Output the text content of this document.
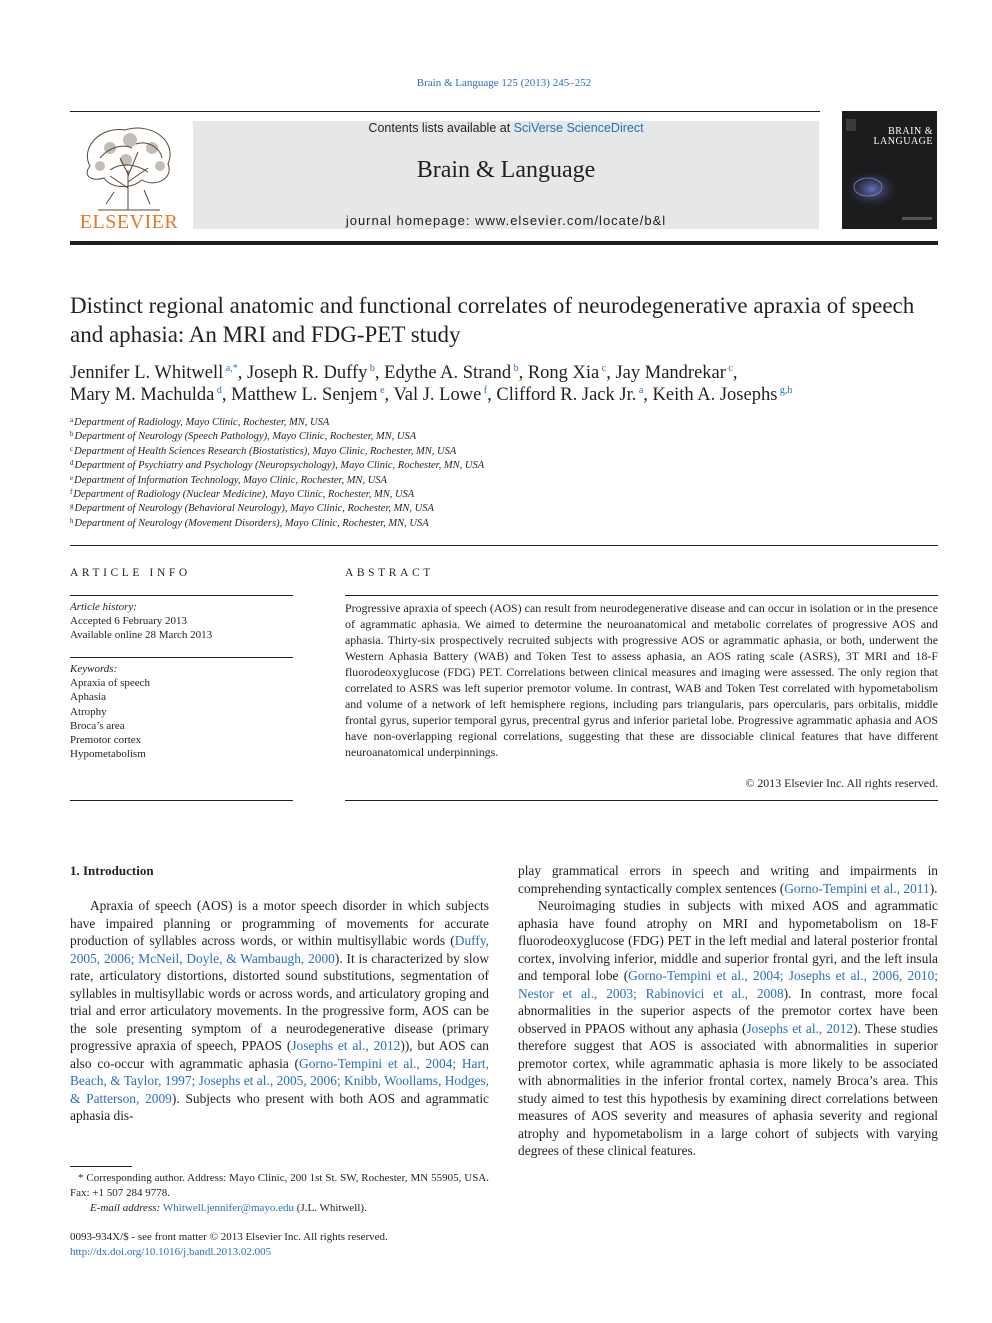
Brain & Language 125 (2013) 245–252
ELSEVIER
Contents lists available at SciVerse ScienceDirect
Brain & Language
journal homepage: www.elsevier.com/locate/b&l
BRAIN &
LANGUAGE
Distinct regional anatomic and functional correlates of neurodegenerative apraxia of speech and aphasia: An MRI and FDG-PET study
Jennifer L. Whitwell $^{a,*}$, Joseph R. Duffy $^b$, Edythe A. Strand $^b$, Rong Xia $^c$, Jay Mandrekar $^c$,
Mary M. Machulda $^d$, Matthew L. Senjem $^e$, Val J. Lowe $^f$, Clifford R. Jack Jr. $^a$, Keith A. Josephs $^{g,h}$
$^a$Department of Radiology, Mayo Clinic, Rochester, MN, USA
$^b$Department of Neurology (Speech Pathology), Mayo Clinic, Rochester, MN, USA
$^c$Department of Health Sciences Research (Biostatistics), Mayo Clinic, Rochester, MN, USA
$^d$Department of Psychiatry and Psychology (Neuropsychology), Mayo Clinic, Rochester, MN, USA
$^e$Department of Information Technology, Mayo Clinic, Rochester, MN, USA
$^f$Department of Radiology (Nuclear Medicine), Mayo Clinic, Rochester, MN, USA
$^g$Department of Neurology (Behavioral Neurology), Mayo Clinic, Rochester, MN, USA
$^h$Department of Neurology (Movement Disorders), Mayo Clinic, Rochester, MN, USA
ARTICLE INFO	ABSTRACT
Article history:
Accepted 6 February 2013
Available online 28 March 2013
Keywords:
Apraxia of speech
Aphasia
Atrophy
Broca’s area
Premotor cortex
Hypometabolism
Progressive apraxia of speech (AOS) can result from neurodegenerative disease and can occur in isolation or in the presence of agrammatic aphasia. We aimed to determine the neuroanatomical and metabolic correlates of progressive AOS and aphasia. Thirty-six prospectively recruited subjects with progressive AOS or agrammatic aphasia, or both, underwent the Western Aphasia Battery (WAB) and Token Test to assess aphasia, an AOS rating scale (ASRS), 3T MRI and 18-F fluorodeoxyglucose (FDG) PET. Correlations between clinical measures and imaging were assessed. The only region that correlated to ASRS was left superior premotor volume. In contrast, WAB and Token Test correlated with hypometabolism and volume of a network of left hemisphere regions, including pars triangularis, pars opercularis, pars orbitalis, middle frontal gyrus, superior temporal gyrus, precentral gyrus and inferior parietal lobe. Progressive agrammatic aphasia and AOS have non-overlapping regional correlations, suggesting that these are dissociable clinical features that have different neuroanatomical underpinnings.
© 2013 Elsevier Inc. All rights reserved.
1. Introduction

Apraxia of speech (AOS) is a motor speech disorder in which subjects have impaired planning or programming of movements for accurate production of syllables across words, or within multisyllabic words (Duffy, 2005, 2006; McNeil, Doyle, & Wambaugh, 2000). It is characterized by slow rate, articulatory distortions, distorted sound substitutions, segmentation of syllables in multisyllabic words or across words, and articulatory groping and trial and error articulatory movements. In the progressive form, AOS can be the sole presenting symptom of a neurodegenerative disease (primary progressive apraxia of speech, PPAOS (Josephs et al., 2012)), but AOS can also co-occur with agrammatic aphasia (Gorno-Tempini et al., 2004; Hart, Beach, & Taylor, 1997; Josephs et al., 2005, 2006; Knibb, Woollams, Hodges, & Patterson, 2009). Subjects who present with both AOS and agrammatic aphasia dis-

play grammatical errors in speech and writing and impairments in comprehending syntactically complex sentences (Gorno-Tempini et al., 2011).

Neuroimaging studies in subjects with mixed AOS and agrammatic aphasia have found atrophy on MRI and hypometabolism on 18-F fluorodeoxyglucose (FDG) PET in the left medial and lateral posterior frontal cortex, involving inferior, middle and superior frontal gyri, and the left insula and temporal lobe (Gorno-Tempini et al., 2004; Josephs et al., 2006, 2010; Nestor et al., 2003; Rabinovici et al., 2008). In contrast, more focal abnormalities in the superior aspects of the premotor cortex have been observed in PPAOS without any aphasia (Josephs et al., 2012). These studies therefore suggest that AOS is associated with abnormalities in superior premotor cortex, while agrammatic aphasia is more likely to be associated with abnormalities in the inferior frontal cortex, namely Broca’s area. This study aimed to test this hypothesis by examining direct correlations between measures of AOS severity and measures of aphasia severity and regional atrophy and hypometabolism in a large cohort of subjects with varying degrees of these clinical features.

* Corresponding author. Address: Mayo Clinic, 200 1st St. SW, Rochester, MN 55905, USA. Fax: +1 507 284 9778.
E-mail address: Whitwell.jennifer@mayo.edu (J.L. Whitwell).
0093-934X/$ - see front matter © 2013 Elsevier Inc. All rights reserved.
http://dx.doi.org/10.1016/j.bandl.2013.02.005
